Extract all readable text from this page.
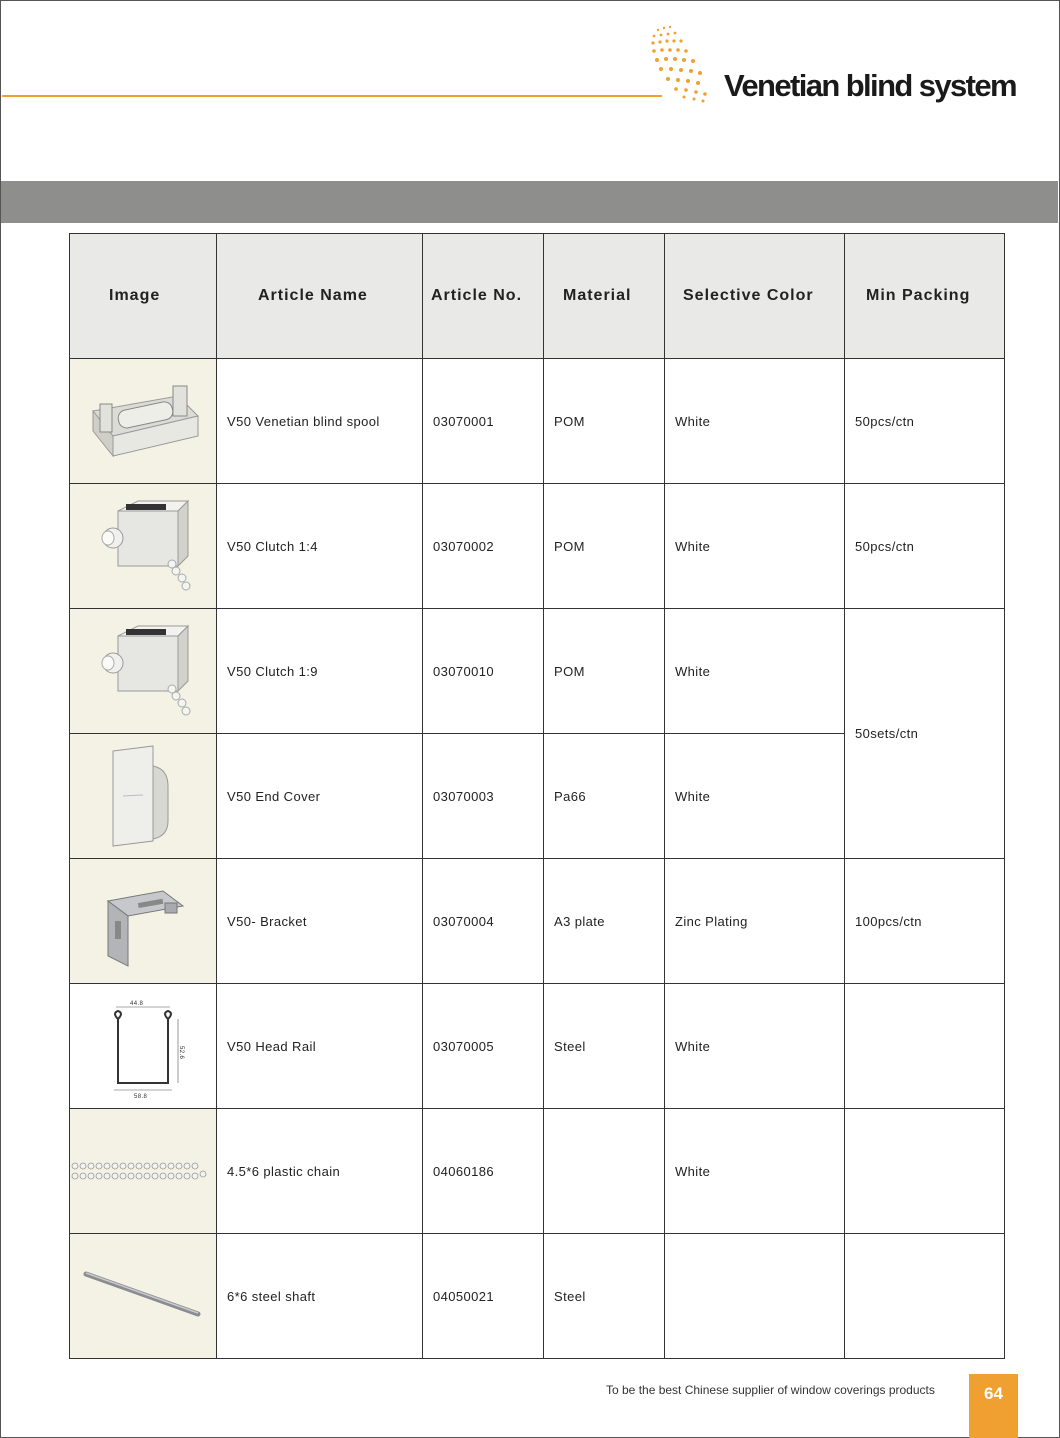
Venetian blind system
Image	Article Name	Article No.	Material	Selective Color	Min Packing

	V50 Venetian blind spool	03070001	POM	White	50pcs/ctn

	V50 Clutch 1:4	03070002	POM	White	50pcs/ctn

	V50 Clutch 1:9	03070010	POM	White	50sets/ctn

	V50 End Cover	03070003	Pa66	White	

	V50- Bracket	03070004	A3 plate	Zinc Plating	100pcs/ctn

44.8
52.6
58.8	V50 Head Rail	03070005	Steel	White	

	4.5*6 plastic chain	04060186		White	

	6*6 steel shaft	04050021	Steel		
To be the best Chinese supplier of window coverings products	64
